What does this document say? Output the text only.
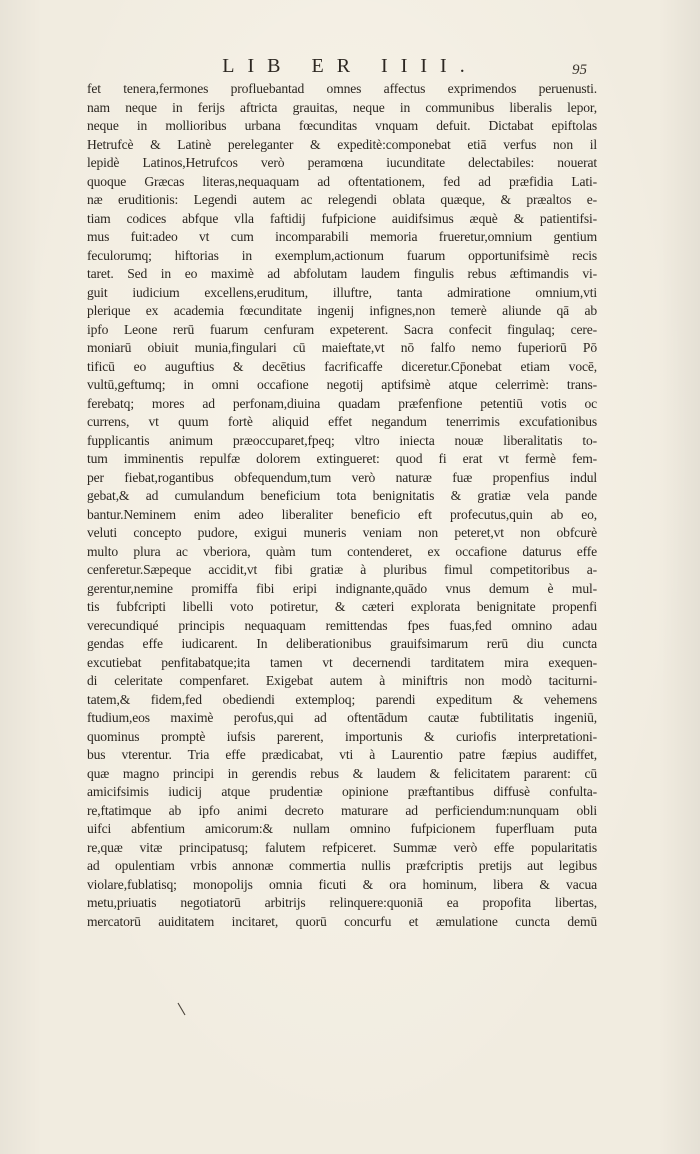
LIB ER IIII.	95
fet tenera,fermones profluebantad omnes affectus exprimendos peruenusti.
nam neque in ferijs aftricta grauitas, neque in communibus liberalis lepor,
neque in mollioribus urbana fœcunditas vnquam defuit. Dictabat epiftolas
Hetrufcè & Latinè pereleganter & expeditè:componebat etiā verfus non il
lepidè Latinos,Hetrufcos verò peramœna iucunditate delectabiles: nouerat
quoque Græcas literas,nequaquam ad oftentationem, fed ad præfidia Lati-
næ eruditionis: Legendi autem ac relegendi oblata quæque, & præaltos e-
tiam codices abfque vlla faftidij fufpicione auidifsimus æquè & patientifsi-
mus fuit:adeo vt cum incomparabili memoria frueretur,omnium gentium
feculorumq; hiftorias in exemplum,actionum fuarum opportunifsimè recis
taret. Sed in eo maximè ad abfolutam laudem fingulis rebus æftimandis vi-
guit iudicium excellens,eruditum, illuftre, tanta admiratione omnium,vti
plerique ex academia fœcunditate ingenij infignes,non temerè aliunde qā ab
ipfo Leone rerū fuarum cenfuram expeterent. Sacra confecit fingulaq; cere-
moniarū obiuit munia,fingulari cū maieftate,vt nō falfo nemo fuperiorū Pō
tificū eo auguftius & decētius facrificaffe diceretur.Cp̄onebat etiam vocē,
vultū,geftumq; in omni occafione negotij aptifsimè atque celerrimè: trans-
ferebatq; mores ad perfonam,diuina quadam præfenfione petentiū votis oc
currens, vt quum fortè aliquid effet negandum tenerrimis excufationibus
fupplicantis animum præoccuparet,fpeq; vltro iniecta nouæ liberalitatis to-
tum imminentis repulfæ dolorem extingueret: quod fi erat vt fermè fem-
per fiebat,rogantibus obfequendum,tum verò naturæ fuæ propenfius indul
gebat,& ad cumulandum beneficium tota benignitatis & gratiæ vela pande
bantur.Neminem enim adeo liberaliter beneficio eft profecutus,quin ab eo,
veluti concepto pudore, exigui muneris veniam non peteret,vt non obfcurè
multo plura ac vberiora, quàm tum contenderet, ex occafione daturus effe
cenferetur.Sæpeque accidit,vt fibi gratiæ à pluribus fimul competitoribus a-
gerentur,nemine promiffa fibi eripi indignante,quādo vnus demum è mul-
tis fubfcripti libelli voto potiretur, & cæteri explorata benignitate propenfi
verecundiqué principis nequaquam remittendas fpes fuas,fed omnino adau
gendas effe iudicarent. In deliberationibus grauifsimarum rerū diu cuncta
excutiebat penfitabatque;ita tamen vt decernendi tarditatem mira exequen-
di celeritate compenfaret. Exigebat autem à miniftris non modò taciturni-
tatem,& fidem,fed obediendi extemploq; parendi expeditum & vehemens
ftudium,eos maximè perofus,qui ad oftentādum cautæ fubtilitatis ingeniū,
quominus promptè iufsis parerent, importunis & curiofis interpretationi-
bus vterentur. Tria effe prædicabat, vti à Laurentio patre fæpius audiffet,
quæ magno principi in gerendis rebus & laudem & felicitatem pararent: cū
amicifsimis iudicij atque prudentiæ opinione præftantibus diffusè confulta-
re,ftatimque ab ipfo animi decreto maturare ad perficiendum:nunquam obli
uifci abfentium amicorum:& nullam omnino fufpicionem fuperfluam puta
re,quæ vitæ principatusq; falutem refpiceret. Summæ verò effe popularitatis
ad opulentiam vrbis annonæ commertia nullis præfcriptis pretijs aut legibus
violare,fublatisq; monopolijs omnia ficuti & ora hominum, libera & vacua
metu,priuatis negotiatorū arbitrijs relinquere:quoniā ea propofita libertas,
mercatorū auiditatem incitaret, quorū concurfu et æmulatione cuncta demū
